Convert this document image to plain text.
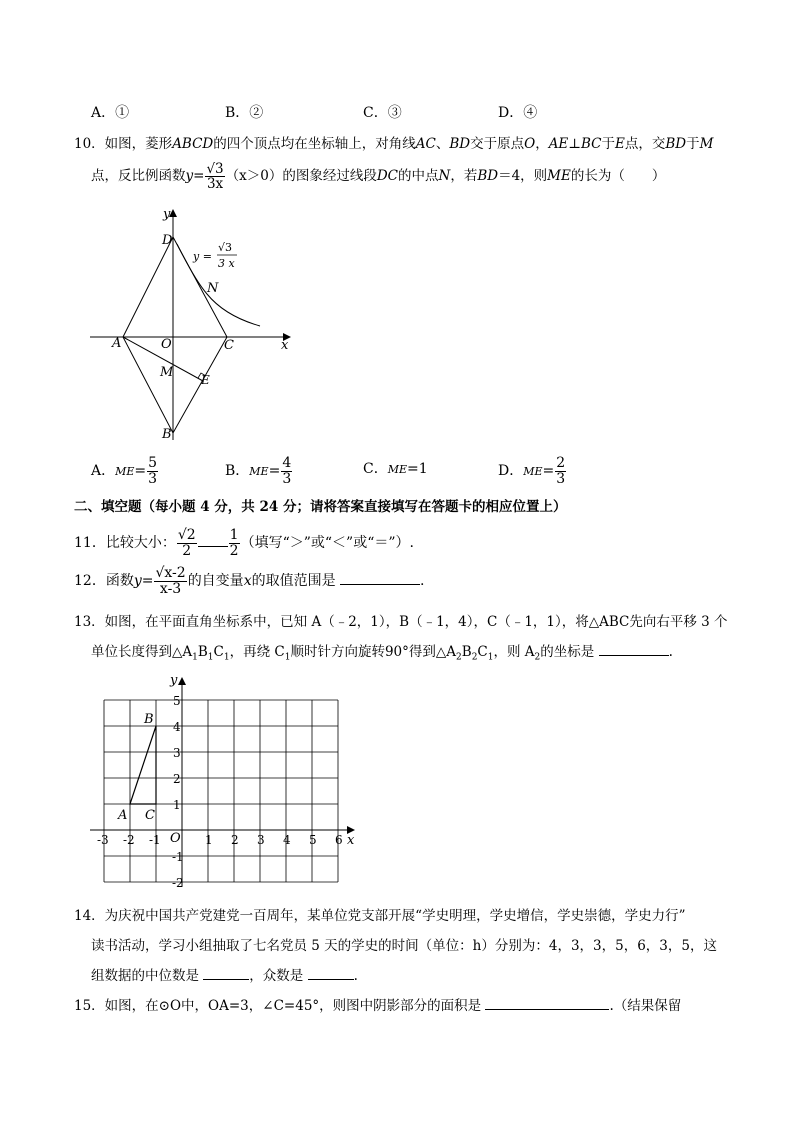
A．①	B．②	C．③	D．④
10．如图，菱形ABCD的四个顶点均在坐标轴上，对角线AC、BD交于原点O，AE⊥BC于E点，交BD于M
点，反比例函数$y= \frac{√3}{3x} (x>0)$的图象经过线段DC的中点N，若BD＝4，则ME的长为（　　）
y
x
D
A	O	C
N
M E
B
y =
√3
3 x
A．$ME= \frac{5}{3}$	B．$ME= \frac{4}{3}$	C．ME=1	D．$ME= \frac{2}{3}$
二、填空题（每小题 4 分，共 24 分；请将答案直接填写在答题卡的相应位置上）
11．比较大小： $\frac{√2}{2} \frac{1}{2}$ （填写“＞”或“＜”或“＝”）.
12．函数$y= \frac{√x-2}{x-3}$ 的自变量x的取值范围是	.
13．如图，在平面直角坐标系中，已知 A（﹣2，1），B（﹣1，4），C（﹣1，1），将△ABC先向右平移 3 个
单位长度得到$\triangle A_1B_1C_1$，再绕 $C_1$顺时针方向旋转90°得到$\triangle A_2B_2C_1$，则 $A_2$的坐标是	.
-3 -2 -1	1 2 3 4 5 6
5
4
3
2
1
-1
-2
y
x
O
A
B
C
14．为庆祝中国共产党建党一百周年，某单位党支部开展“学史明理，学史增信，学史崇德，学史力行”
读书活动，学习小组抽取了七名党员 5 天的学史的时间（单位：h）分别为：4，3，3，5，6，3，5，这
组数据的中位数是	，众数是	.
15．如图，在⊙O中，OA=3，∠C=45°，则图中阴影部分的面积是	.（结果保留
